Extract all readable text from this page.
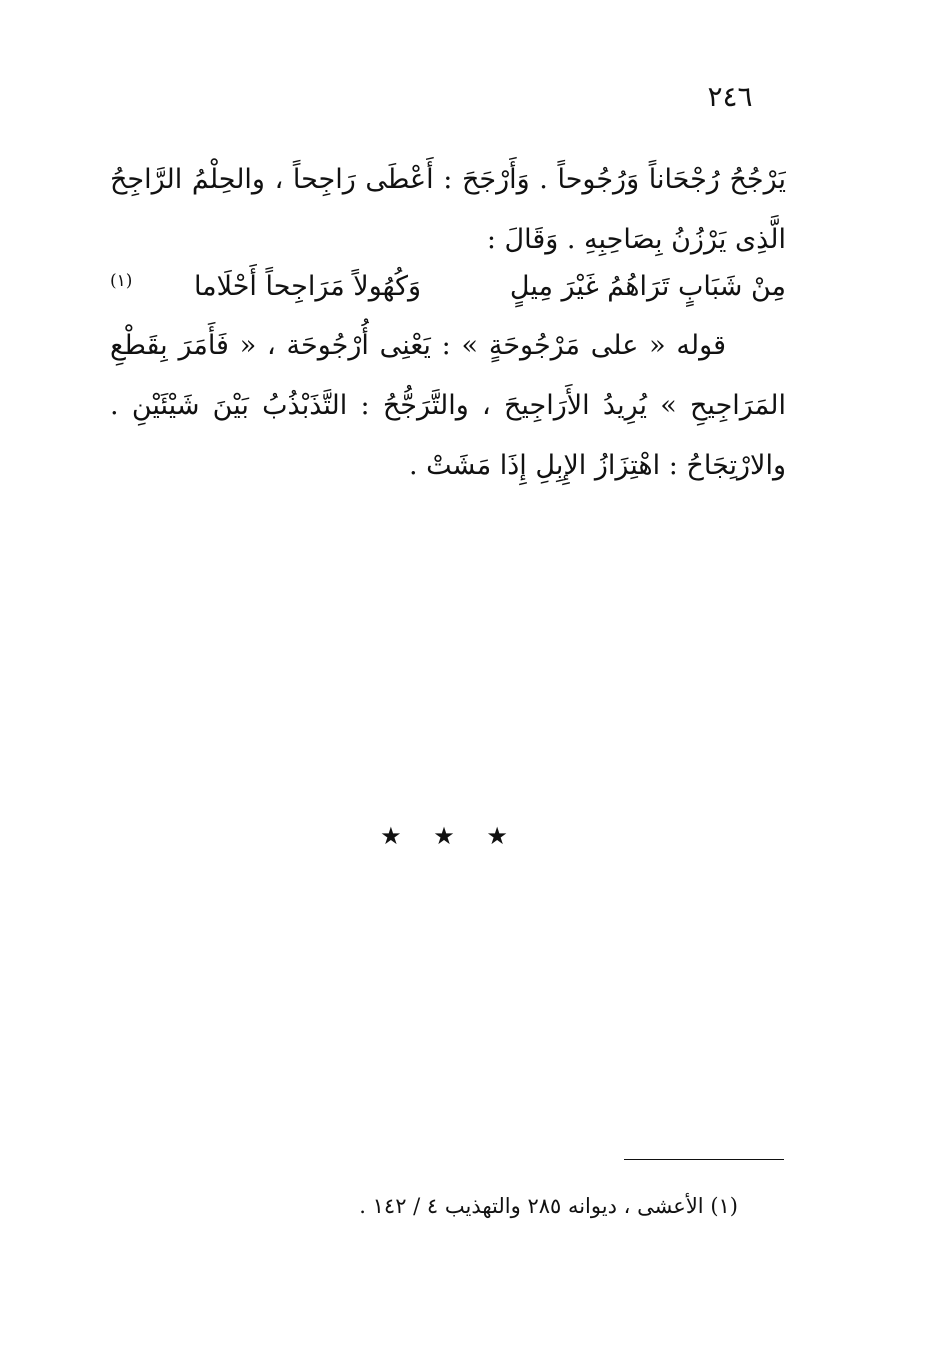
٢٤٦
يَرْجُحُ رُجْحَاناً وَرُجُوحاً . وَأَرْجَحَ : أَعْطَى رَاجِحاً ، والحِلْمُ الرَّاجِحُ
الَّذِى يَرْزُنُ بِصَاحِبِهِ . وَقَالَ :
مِنْ شَبَابٍ تَرَاهُمُ غَيْرَ مِيلٍ
وَكُهُولاً مَرَاجِحاً أَحْلَاما
(١)
قوله « على مَرْجُوحَةٍ » : يَعْنِى أُرْجُوحَة ، « فَأَمَرَ بِقَطْعِ
المَرَاجِيحِ » يُرِيدُ الأَرَاجِيحَ ، والتَّرَجُّحُ : التَّذَبْذُبُ بَيْنَ شَيْئَيْنِ .
والارْتِجَاحُ : اهْتِزَازُ الإِبِلِ إِذَا مَشَتْ .
★ ★ ★
(١) الأعشى ، ديوانه ٢٨٥ والتهذيب ٤ / ١٤٢ .
